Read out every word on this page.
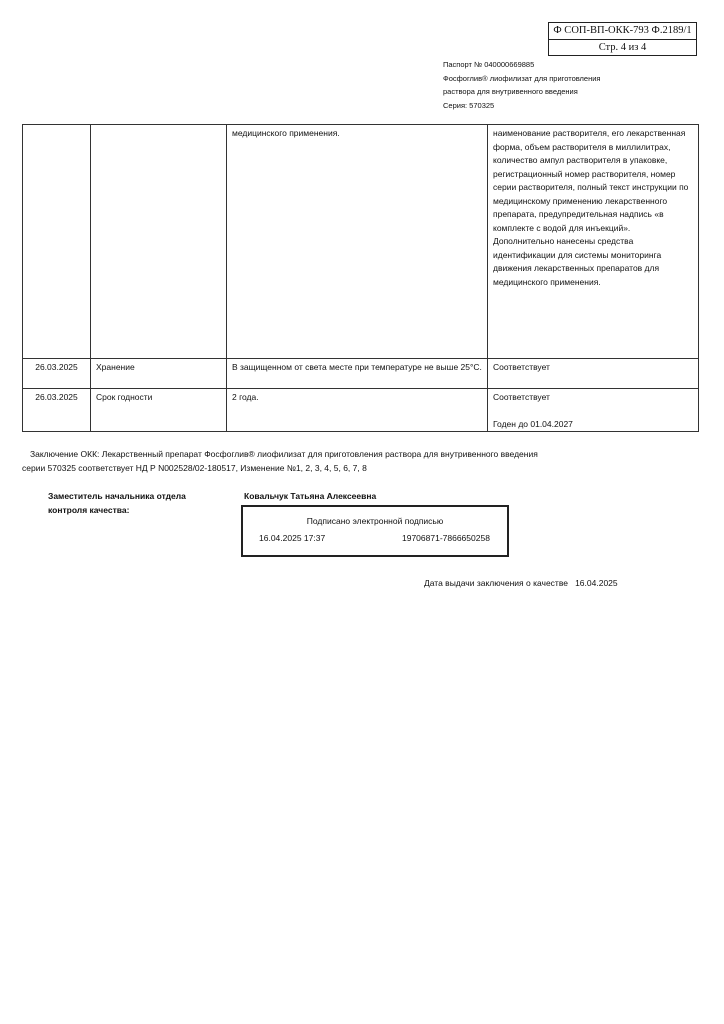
Ф СОП-ВП-ОКК-793 Ф.2189/1
Стр. 4 из 4
Паспорт № 040000669885
Фосфоглив® лиофилизат для приготовления
раствора для внутривенного введения
Серия: 570325
		медицинского применения.	наименование растворителя, его лекарственная форма, объем растворителя в миллилитрах, количество ампул растворителя в упаковке, регистрационный номер растворителя, номер серии растворителя, полный текст инструкции по медицинскому применению лекарственного препарата, предупредительная надпись «в комплекте с водой для инъекций». Дополнительно нанесены средства идентификации для системы мониторинга движения лекарственных препаратов для медицинского применения.
26.03.2025	Хранение	В защищенном от света месте при температуре не выше 25°С.	Соответствует

26.03.2025	Срок годности	2 года.	Соответствует
Годен до 01.04.2027
Заключение ОКК: Лекарственный препарат Фосфоглив® лиофилизат для приготовления раствора для внутривенного введения
серии 570325 соответствует НД Р N002528/02-180517, Изменение №1, 2, 3, 4, 5, 6, 7, 8
Заместитель начальника отдела
контроля качества:
Ковальчук Татьяна Алексеевна
Подписано электронной подписью
16.04.2025 17:37	19706871-7866650258
Дата выдачи заключения о качестве 16.04.2025
